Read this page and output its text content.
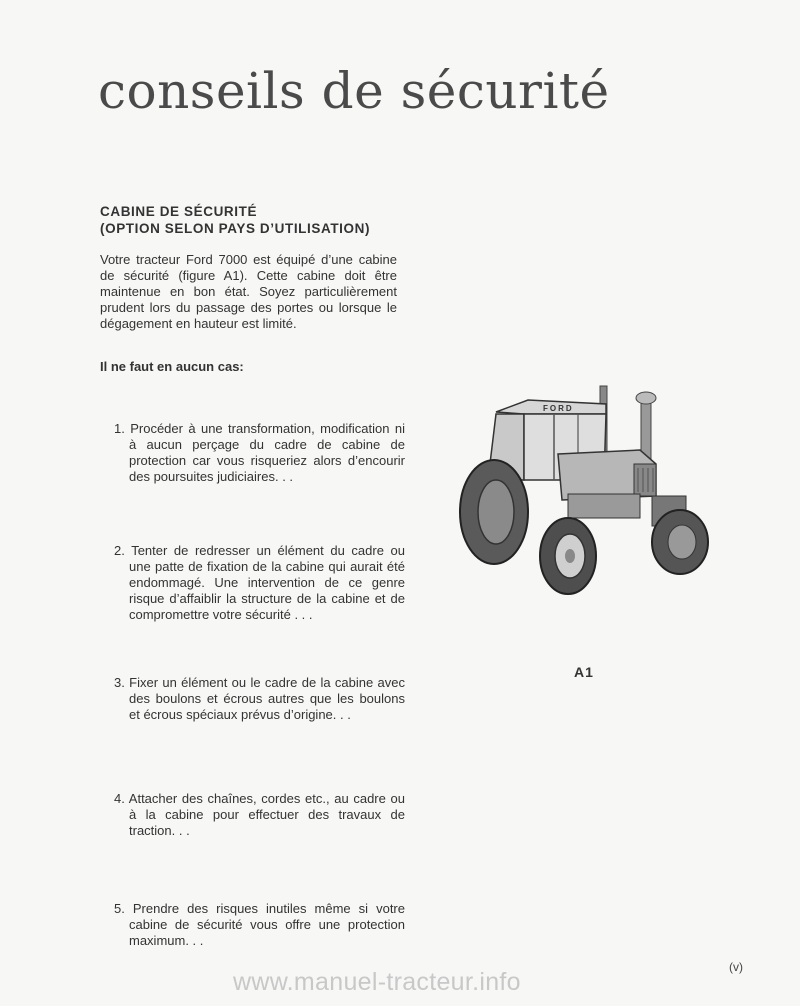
conseils de sécurité
CABINE DE SÉCURITÉ
(OPTION SELON PAYS D’UTILISATION)

Votre tracteur Ford 7000 est équipé d’une cabine de sécurité (figure A1). Cette cabine doit être maintenue en bon état. Soyez particulièrement prudent lors du passage des portes ou lorsque le dégagement en hauteur est limité.

Il ne faut en aucun cas:
1. Procéder à une transformation, modification ni à aucun perçage du cadre de cabine de protection car vous risqueriez alors d’encourir des poursuites judiciaires. . .
2. Tenter de redresser un élément du cadre ou une patte de fixation de la cabine qui aurait été endommagé. Une intervention de ce genre risque d’affaiblir la structure de la cabine et de compromettre votre sécurité . . .
3. Fixer un élément ou le cadre de la cabine avec des boulons et écrous autres que les boulons et écrous spéciaux prévus d’origine. . .
4. Attacher des chaînes, cordes etc., au cadre ou à la cabine pour effectuer des travaux de traction. . .
5. Prendre des risques inutiles même si votre cabine de sécurité vous offre une protection maximum. . .
FORD
A1
(v)
www.manuel-tracteur.info
